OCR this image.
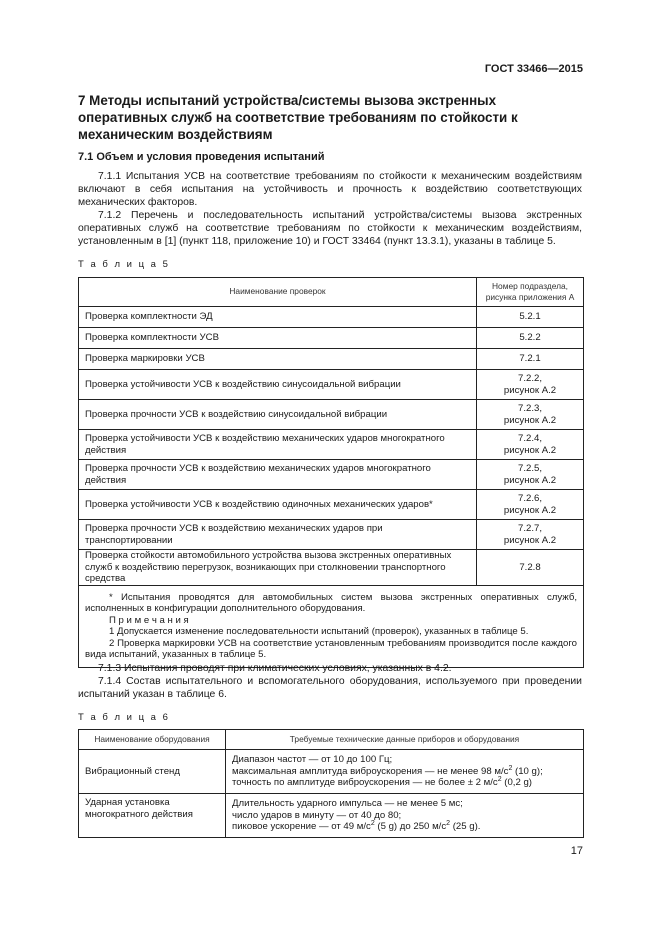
ГОСТ 33466—2015
7 Методы испытаний устройства/системы вызова экстренных оперативных служб на соответствие требованиям по стойкости к механическим воздействиям
7.1 Объем и условия проведения испытаний

7.1.1 Испытания УСВ на соответствие требованиям по стойкости к механическим воздействиям включают в себя испытания на устойчивость и прочность к воздействию соответствующих механических факторов.

7.1.2 Перечень и последовательность испытаний устройства/системы вызова экстренных оперативных служб на соответствие требованиям по стойкости к механическим воздействиям, установленным в [1] (пункт 118, приложение 10) и ГОСТ 33464 (пункт 13.3.1), указаны в таблице 5.

Т а б л и ц а 5
Наименование проверок	Номер подраздела, рисунка приложения А
Проверка комплектности ЭД	5.2.1
Проверка комплектности УСВ	5.2.2
Проверка маркировки УСВ	7.2.1
Проверка устойчивости УСВ к воздействию синусоидальной вибрации	7.2.2,
рисунок А.2
Проверка прочности УСВ к воздействию синусоидальной вибрации	7.2.3,
рисунок А.2
Проверка устойчивости УСВ к воздействию механических ударов многократного действия	7.2.4,
рисунок А.2
Проверка прочности УСВ к воздействию механических ударов многократного действия	7.2.5,
рисунок А.2
Проверка устойчивости УСВ к воздействию одиночных механических ударов*	7.2.6,
рисунок А.2
Проверка прочности УСВ к воздействию механических ударов при транспортировании	7.2.7,
рисунок А.2
Проверка стойкости автомобильного устройства вызова экстренных оперативных служб к воздействию перегрузок, возникающих при столкновении транспортного средства	7.2.8

* Испытания проводятся для автомобильных систем вызова экстренных оперативных служб, исполненных в конфигурации дополнительного оборудования.

П р и м е ч а н и я

1 Допускается изменение последовательности испытаний (проверок), указанных в таблице 5.

2 Проверка маркировки УСВ на соответствие установленным требованиям производится после каждого вида испытаний, указанных в таблице 5.	

7.1.3 Испытания проводят при климатических условиях, указанных в 4.2.

7.1.4 Состав испытательного и вспомогательного оборудования, используемого при проведении испытаний указан в таблице 6.

Т а б л и ц а 6
Наименование оборудования	Требуемые технические данные приборов и оборудования
Вибрационный стенд	Диапазон частот — от 10 до 100 Гц;
максимальная амплитуда виброускорения — не менее 98 $м/с^2$ (10 g);
точность по амплитуде виброускорения — не более ± 2 $м/с^2$ (0,2 g)
Ударная установка многократного действия	Длительность ударного импульса — не менее 5 мс;
число ударов в минуту — от 40 до 80;
пиковое ускорение — от 49 $м/с^2$ (5 g) до 250 $м/с^2$ (25 g).
17
